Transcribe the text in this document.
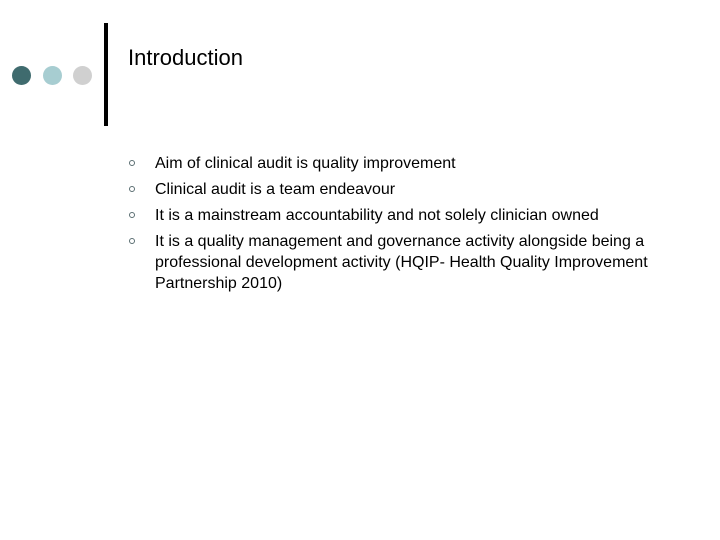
Introduction
Aim of clinical audit is quality improvement
Clinical audit is a team endeavour
It is a mainstream accountability and not solely clinician owned
It is a quality management and governance activity alongside being a professional development activity (HQIP- Health Quality Improvement Partnership 2010)
